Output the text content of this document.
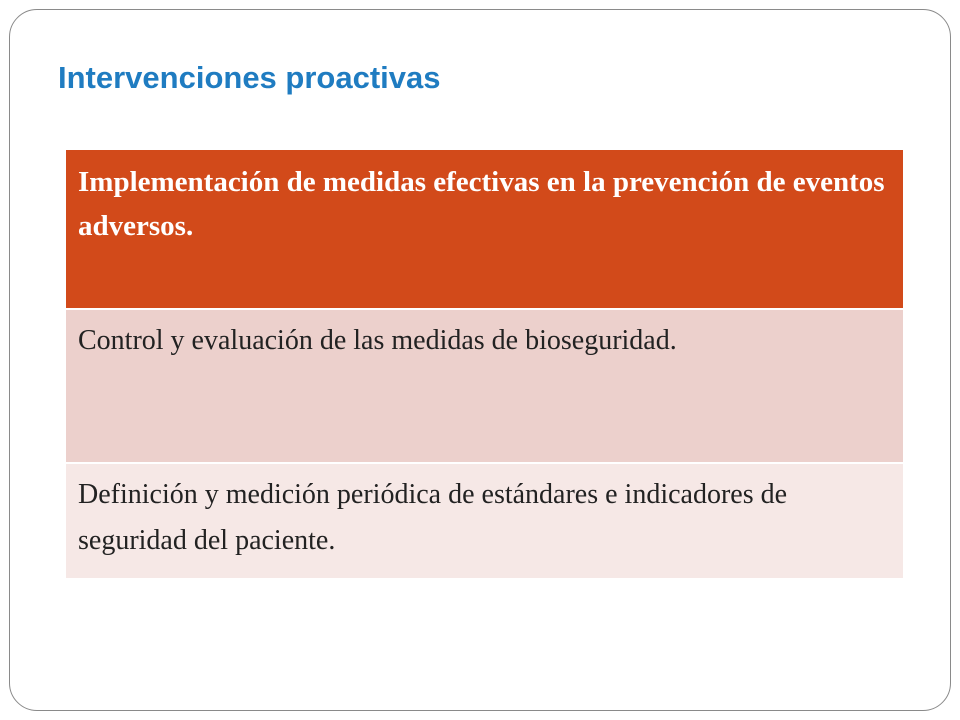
Intervenciones proactivas
Implementación de medidas efectivas en la prevención de eventos adversos.
Control y evaluación de las medidas de bioseguridad.
Definición y medición periódica de estándares e indicadores de seguridad del paciente.
